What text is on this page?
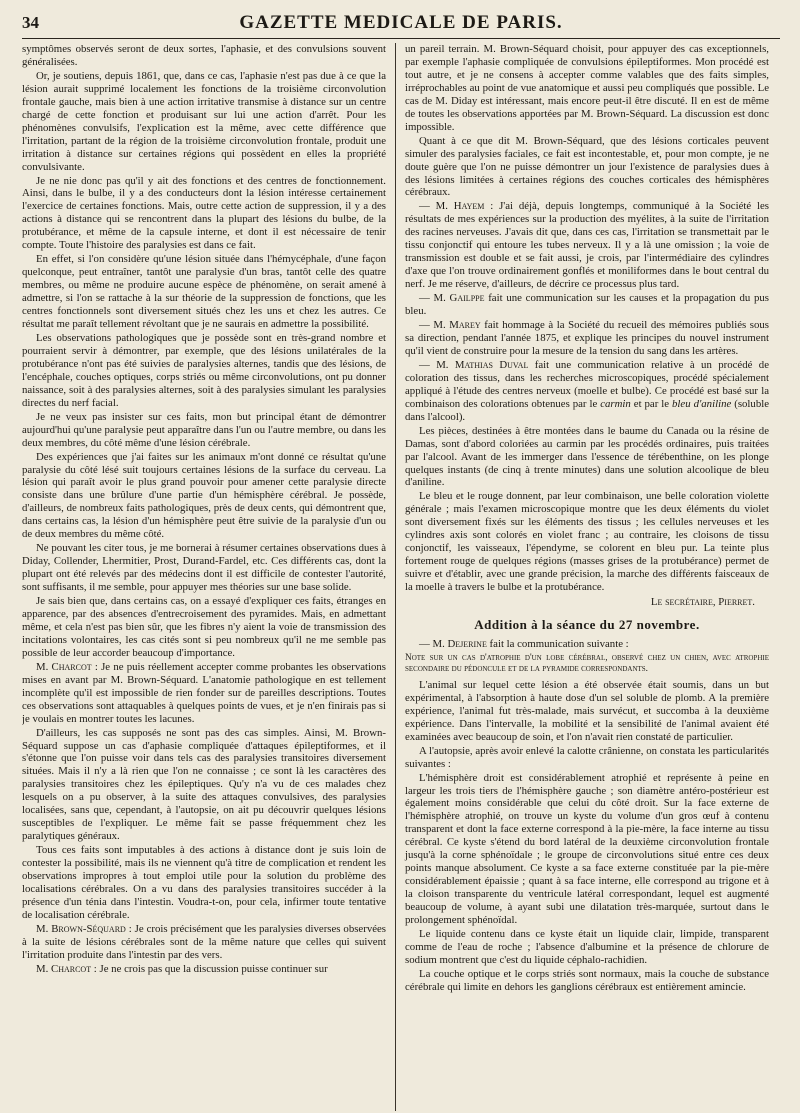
34	GAZETTE MEDICALE DE PARIS.

symptômes observés seront de deux sortes, l'aphasie, et des convulsions souvent généralisées.

Or, je soutiens, depuis 1861, que, dans ce cas, l'aphasie n'est pas due à ce que la lésion aurait supprimé localement les fonctions de la troisième circonvolution frontale gauche, mais bien à une action irritative transmise à distance sur un centre chargé de cette fonction et produisant sur lui une action d'arrêt. Pour les phénomènes convulsifs, l'explication est la même, avec cette différence que l'irritation, partant de la région de la troisième circonvolution frontale, produit une irritation à distance sur certaines régions qui possèdent en elles la propriété convulsivante.

Je ne nie donc pas qu'il y ait des fonctions et des centres de fonctionnement. Ainsi, dans le bulbe, il y a des conducteurs dont la lésion intéresse certainement l'exercice de certaines fonctions. Mais, outre cette action de suppression, il y a des actions à distance qui se rencontrent dans la plupart des lésions du bulbe, de la protubérance, et même de la capsule interne, et dont il est nécessaire de tenir compte. Toute l'histoire des paralysies est dans ce fait.

En effet, si l'on considère qu'une lésion située dans l'hémycéphale, d'une façon quelconque, peut entraîner, tantôt une paralysie d'un bras, tantôt celle des quatre membres, ou même ne produire aucune espèce de phénomène, on serait amené à admettre, si l'on se rattache à la sur théorie de la suppression de fonctions, que les centres fonctionnels sont diversement situés chez les uns et chez les autres. Ce résultat me paraît tellement révoltant que je ne saurais en admettre la possibilité.

Les observations pathologiques que je possède sont en très-grand nombre et pourraient servir à démontrer, par exemple, que des lésions unilatérales de la protubérance n'ont pas été suivies de paralysies alternes, tandis que des lésions, de l'encéphale, couches optiques, corps striés ou même circonvolutions, ont pu donner naissance, soit à des paralysies alternes, soit à des paralysies simulant les paralysies directes du nerf facial.

Je ne veux pas insister sur ces faits, mon but principal étant de démontrer aujourd'hui qu'une paralysie peut apparaître dans l'un ou l'autre membre, ou dans les deux membres, du côté même d'une lésion cérébrale.

Des expériences que j'ai faites sur les animaux m'ont donné ce résultat qu'une paralysie du côté lésé suit toujours certaines lésions de la surface du cerveau. La lésion qui paraît avoir le plus grand pouvoir pour amener cette paralysie directe consiste dans une brûlure d'une partie d'un hémisphère cérébral. Je possède, d'ailleurs, de nombreux faits pathologiques, près de deux cents, qui démontrent que, dans certains cas, la lésion d'un hémisphère peut être suivie de la paralysie d'un ou de deux membres du même côté.

Ne pouvant les citer tous, je me bornerai à résumer certaines observations dues à Diday, Collender, Lhermitier, Prost, Durand-Fardel, etc. Ces différents cas, dont la plupart ont été relevés par des médecins dont il est difficile de contester l'autorité, sont suffisants, il me semble, pour appuyer mes théories sur une base solide.

Je sais bien que, dans certains cas, on a essayé d'expliquer ces faits, étranges en apparence, par des absences d'entrecroisement des pyramides. Mais, en admettant même, et cela n'est pas bien sûr, que les fibres n'y aient la voie de transmission des incitations volontaires, les cas cités sont si peu nombreux qu'il ne me semble pas possible de leur accorder beaucoup d'importance.

M. Charcot : Je ne puis réellement accepter comme probantes les observations mises en avant par M. Brown-Séquard. L'anatomie pathologique en est tellement incomplète qu'il est impossible de rien fonder sur de pareilles descriptions. Toutes ces observations sont attaquables à quelques points de vues, et je n'en finirais pas si je voulais en montrer toutes les lacunes.

D'ailleurs, les cas supposés ne sont pas des cas simples. Ainsi, M. Brown-Séquard suppose un cas d'aphasie compliquée d'attaques épileptiformes, et il s'étonne que l'on puisse voir dans tels cas des paralysies transitoires diversement situées. Mais il n'y a là rien que l'on ne connaisse ; ce sont là les caractères des paralysies transitoires chez les épileptiques. Qu'y n'a vu de ces malades chez lesquels on a pu observer, à la suite des attaques convulsives, des paralysies localisées, sans que, cependant, à l'autopsie, on ait pu découvrir quelques lésions susceptibles de l'expliquer. Le même fait se passe fréquemment chez les paralytiques généraux.

Tous ces faits sont imputables à des actions à distance dont je suis loin de contester la possibilité, mais ils ne viennent qu'à titre de complication et rendent les observations impropres à tout emploi utile pour la solution du problème des localisations cérébrales. On a vu dans des paralysies transitoires succéder à la présence d'un ténia dans l'intestin. Voudra-t-on, pour cela, infirmer toute tentative de localisation cérébrale.

M. Brown-Séquard : Je crois précisément que les paralysies diverses observées à la suite de lésions cérébrales sont de la même nature que celles qui suivent l'irritation produite dans l'intestin par des vers.

M. Charcot : Je ne crois pas que la discussion puisse continuer sur

un pareil terrain. M. Brown-Séquard choisit, pour appuyer des cas exceptionnels, par exemple l'aphasie compliquée de convulsions épileptiformes. Mon procédé est tout autre, et je ne consens à accepter comme valables que des faits simples, irréprochables au point de vue anatomique et aussi peu compliqués que possible. Le cas de M. Diday est intéressant, mais encore peut-il être discuté. Il en est de même de toutes les observations apportées par M. Brown-Séquard. La discussion est donc impossible.

Quant à ce que dit M. Brown-Séquard, que des lésions corticales peuvent simuler des paralysies faciales, ce fait est incontestable, et, pour mon compte, je ne doute guère que l'on ne puisse démontrer un jour l'existence de paralysies dues à des lésions limitées à certaines régions des couches corticales des hémisphères cérébraux.

— M. Hayem : J'ai déjà, depuis longtemps, communiqué à la Société les résultats de mes expériences sur la production des myélites, à la suite de l'irritation des racines nerveuses. J'avais dit que, dans ces cas, l'irritation se transmettait par le tissu conjonctif qui entoure les tubes nerveux. Il y a là une omission ; la voie de transmission est double et se fait aussi, je crois, par l'intermédiaire des cylindres d'axe que l'on trouve ordinairement gonflés et moniliformes dans le bout central du nerf. Je me réserve, d'ailleurs, de décrire ce processus plus tard.

— M. Gailppe fait une communication sur les causes et la propagation du pus bleu.

— M. Marey fait hommage à la Société du recueil des mémoires publiés sous sa direction, pendant l'année 1875, et explique les principes du nouvel instrument qu'il vient de construire pour la mesure de la tension du sang dans les artères.

— M. Mathias Duval fait une communication relative à un procédé de coloration des tissus, dans les recherches microscopiques, procédé spécialement appliqué à l'étude des centres nerveux (moelle et bulbe). Ce procédé est basé sur la combinaison des colorations obtenues par le carmin et par le bleu d'aniline (soluble dans l'alcool).

Les pièces, destinées à être montées dans le baume du Canada ou la résine de Damas, sont d'abord coloriées au carmin par les procédés ordinaires, puis traitées par l'alcool. Avant de les immerger dans l'essence de térébenthine, on les plonge quelques instants (de cinq à trente minutes) dans une solution alcoolique de bleu d'aniline.

Le bleu et le rouge donnent, par leur combinaison, une belle coloration violette générale ; mais l'examen microscopique montre que les deux éléments du violet sont diversement fixés sur les éléments des tissus ; les cellules nerveuses et les cylindres axis sont colorés en violet franc ; au contraire, les cloisons de tissu conjonctif, les vaisseaux, l'épendyme, se colorent en bleu pur. La teinte plus fortement rouge de quelques régions (masses grises de la protubérance) permet de suivre et d'établir, avec une grande précision, la marche des différents faisceaux de la moelle à travers le bulbe et la protubérance.

Le secrétaire, Pierret.
Addition à la séance du 27 novembre.

— M. Dejerine fait la communication suivante :

Note sur un cas d'atrophie d'un lobe cérébral, observé chez un chien, avec atrophie secondaire du pédoncule et de la pyramide correspondants.

L'animal sur lequel cette lésion a été observée était soumis, dans un but expérimental, à l'absorption à haute dose d'un sel soluble de plomb. A la première expérience, l'animal fut très-malade, mais survécut, et succomba à la deuxième expérience. Dans l'intervalle, la mobilité et la sensibilité de l'animal avaient été examinées avec beaucoup de soin, et l'on n'avait rien constaté de particulier.

A l'autopsie, après avoir enlevé la calotte crânienne, on constata les particularités suivantes :

L'hémisphère droit est considérablement atrophié et représente à peine en largeur les trois tiers de l'hémisphère gauche ; son diamètre antéro-postérieur est également moins considérable que celui du côté droit. Sur la face externe de l'hémisphère atrophié, on trouve un kyste du volume d'un gros œuf à contenu transparent et dont la face externe correspond à la pie-mère, la face interne au tissu cérébral. Ce kyste s'étend du bord latéral de la deuxième circonvolution frontale jusqu'à la corne sphénoïdale ; le groupe de circonvolutions situé entre ces deux points manque absolument. Ce kyste a sa face externe constituée par la pie-mère considérablement épaissie ; quant à sa face interne, elle correspond au trigone et à la cloison transparente du ventricule latéral correspondant, lequel est augmenté beaucoup de volume, à ayant subi une dilatation très-marquée, surtout dans le prolongement sphénoïdal.

Le liquide contenu dans ce kyste était un liquide clair, limpide, transparent comme de l'eau de roche ; l'absence d'albumine et la présence de chlorure de sodium montrent que c'est du liquide céphalo-rachidien.

La couche optique et le corps striés sont normaux, mais la couche de substance cérébrale qui limite en dehors les ganglions cérébraux est entièrement amincie.
